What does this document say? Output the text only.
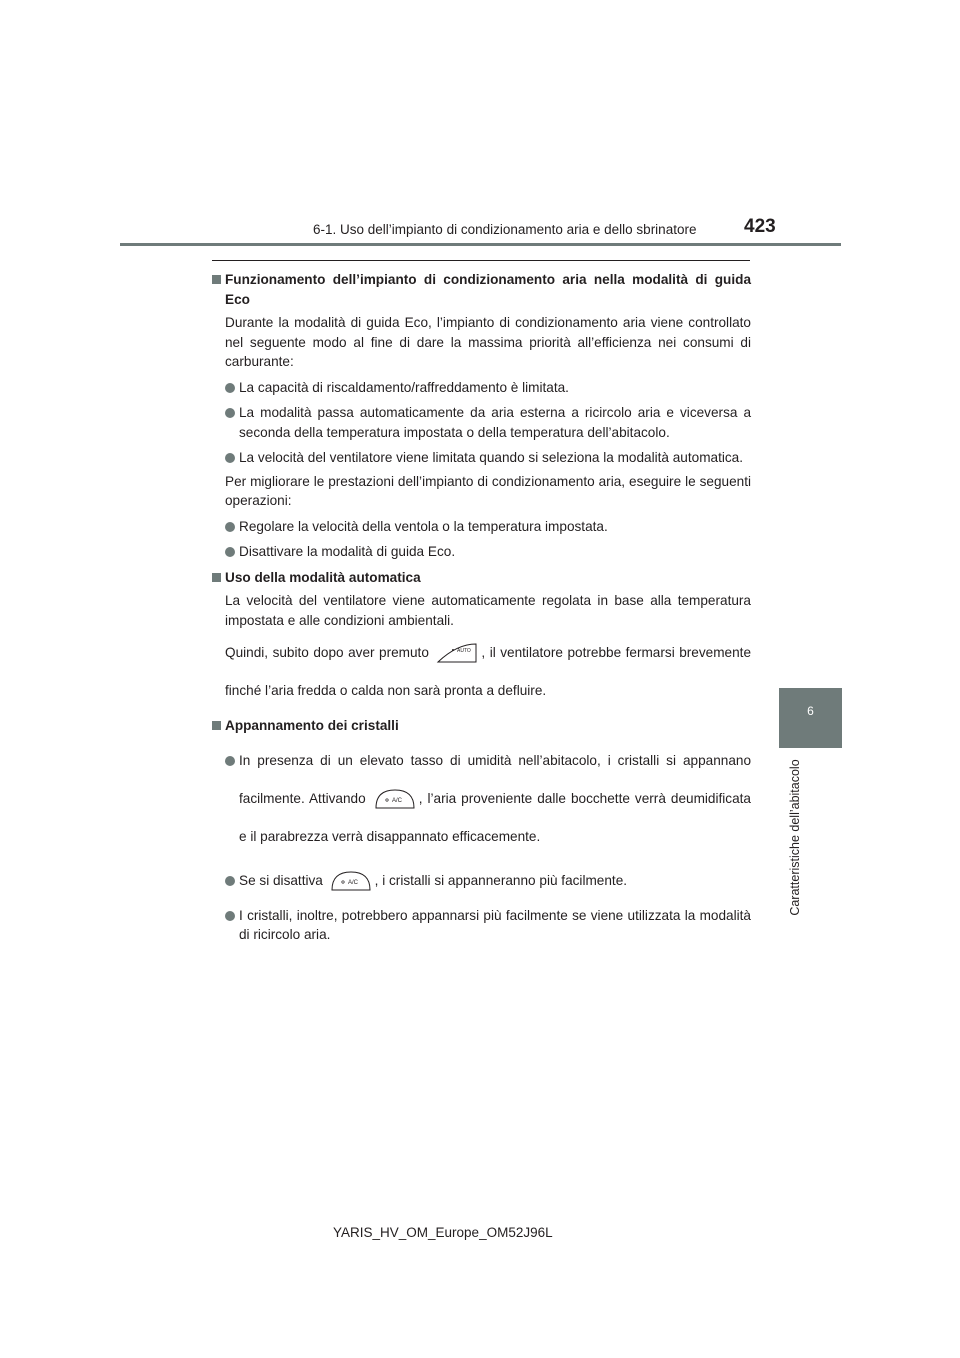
6-1. Uso dell’impianto di condizionamento aria e dello sbrinatore	423
6
Caratteristiche dell’abitacolo
Funzionamento dell’impianto di condizionamento aria nella modalità di guida Eco
Durante la modalità di guida Eco, l’impianto di condizionamento aria viene controllato nel seguente modo al fine di dare la massima priorità all’efficienza nei consumi di carburante:
La capacità di riscaldamento/raffreddamento è limitata.
La modalità passa automaticamente da aria esterna a ricircolo aria e viceversa a seconda della temperatura impostata o della temperatura dell’abitacolo.
La velocità del ventilatore viene limitata quando si seleziona la modalità automatica.
Per migliorare le prestazioni dell’impianto di condizionamento aria, eseguire le seguenti operazioni:
Regolare la velocità della ventola o la temperatura impostata.
Disattivare la modalità di guida Eco.
Uso della modalità automatica
La velocità del ventilatore viene automaticamente regolata in base alla temperatura impostata e alle condizioni ambientali.
Quindi, subito dopo aver premuto	AUTO , il ventilatore potrebbe fermarsi brevemente finché l’aria fredda o calda non sarà pronta a defluire.
Appannamento dei cristalli
In presenza di un elevato tasso di umidità nell’abitacolo, i cristalli si appannano facilmente. Attivando	A/C , l’aria proveniente dalle bocchette verrà deumidificata e il parabrezza verrà disappannato efficacemente.
Se si disattiva	A/C , i cristalli si appanneranno più facilmente.
I cristalli, inoltre, potrebbero appannarsi più facilmente se viene utilizzata la modalità di ricircolo aria.
YARIS_HV_OM_Europe_OM52J96L
